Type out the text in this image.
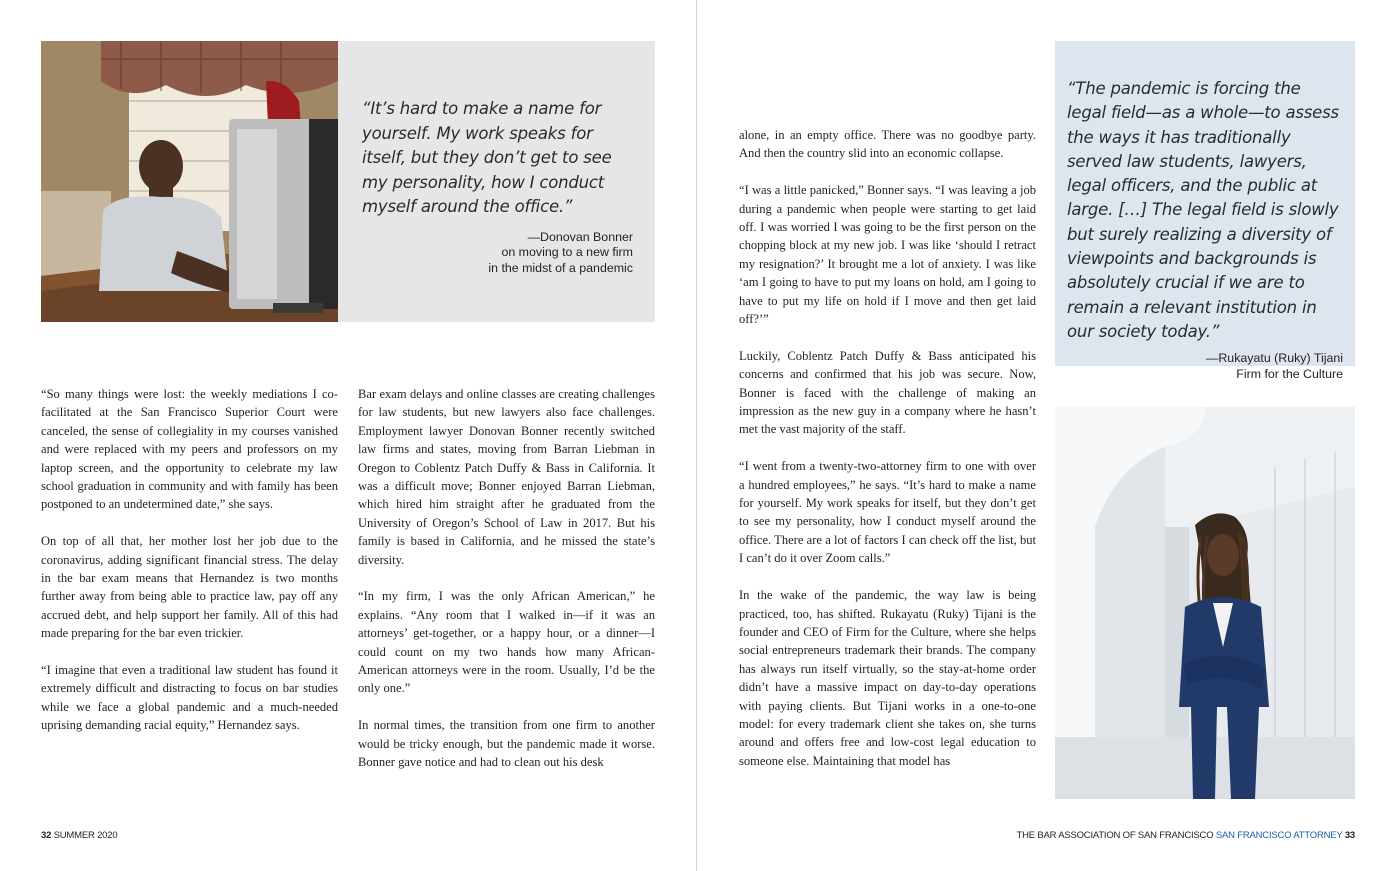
“It’s hard to make a name for yourself. My work speaks for itself, but they don’t get to see my personality, how I conduct myself around the office.”

—Donovan Bonner
on moving to a new firm
in the midst of a pandemic

“So many things were lost: the weekly mediations I co-facilitated at the San Francisco Superior Court were canceled, the sense of collegiality in my courses vanished and were replaced with my peers and professors on my laptop screen, and the opportunity to celebrate my law school graduation in community and with family has been postponed to an undetermined date,” she says.

On top of all that, her mother lost her job due to the coronavirus, adding significant financial stress. The delay in the bar exam means that Hernandez is two months further away from being able to practice law, pay off any accrued debt, and help support her family. All of this had made preparing for the bar even trickier.

“I imagine that even a traditional law student has found it extremely difficult and distracting to focus on bar studies while we face a global pandemic and a much-needed uprising demanding racial equity,” Hernandez says.

Bar exam delays and online classes are creating challenges for law students, but new lawyers also face challenges. Employment lawyer Donovan Bonner recently switched law firms and states, moving from Barran Liebman in Oregon to Coblentz Patch Duffy & Bass in California. It was a difficult move; Bonner enjoyed Barran Liebman, which hired him straight after he graduated from the University of Oregon’s School of Law in 2017. But his family is based in California, and he missed the state’s diversity.

“In my firm, I was the only African American,” he explains. “Any room that I walked in—if it was an attorneys’ get-together, or a happy hour, or a dinner—I could count on my two hands how many African-American attorneys were in the room. Usually, I’d be the only one.”

In normal times, the transition from one firm to another would be tricky enough, but the pandemic made it worse. Bonner gave notice and had to clean out his desk

alone, in an empty office. There was no goodbye party. And then the country slid into an economic collapse.

“I was a little panicked,” Bonner says. “I was leaving a job during a pandemic when people were starting to get laid off. I was worried I was going to be the first person on the chopping block at my new job. I was like ‘should I retract my resignation?’ It brought me a lot of anxiety. I was like ‘am I going to have to put my loans on hold, am I going to have to put my life on hold if I move and then get laid off?’”

Luckily, Coblentz Patch Duffy & Bass anticipated his concerns and confirmed that his job was secure. Now, Bonner is faced with the challenge of making an impression as the new guy in a company where he hasn’t met the vast majority of the staff.

“I went from a twenty-two-attorney firm to one with over a hundred employees,” he says. “It’s hard to make a name for yourself. My work speaks for itself, but they don’t get to see my personality, how I conduct myself around the office. There are a lot of factors I can check off the list, but I can’t do it over Zoom calls.”

In the wake of the pandemic, the way law is being practiced, too, has shifted. Rukayatu (Ruky) Tijani is the founder and CEO of Firm for the Culture, where she helps social entrepreneurs trademark their brands. The company has always run itself virtually, so the stay-at-home order didn’t have a massive impact on day-to-day operations with paying clients. But Tijani works in a one-to-one model: for every trademark client she takes on, she turns around and offers free and low-cost legal education to someone else. Maintaining that model has

“The pandemic is forcing the legal field—as a whole—to assess the ways it has traditionally served law students, lawyers, legal officers, and the public at large. […] The legal field is slowly but surely realizing a diversity of viewpoints and backgrounds is absolutely crucial if we are to remain a relevant institution in our society today.”

—Rukayatu (Ruky) Tijani
Firm for the Culture
32 SUMMER 2020	THE BAR ASSOCIATION OF SAN FRANCISCO SAN FRANCISCO ATTORNEY 33
